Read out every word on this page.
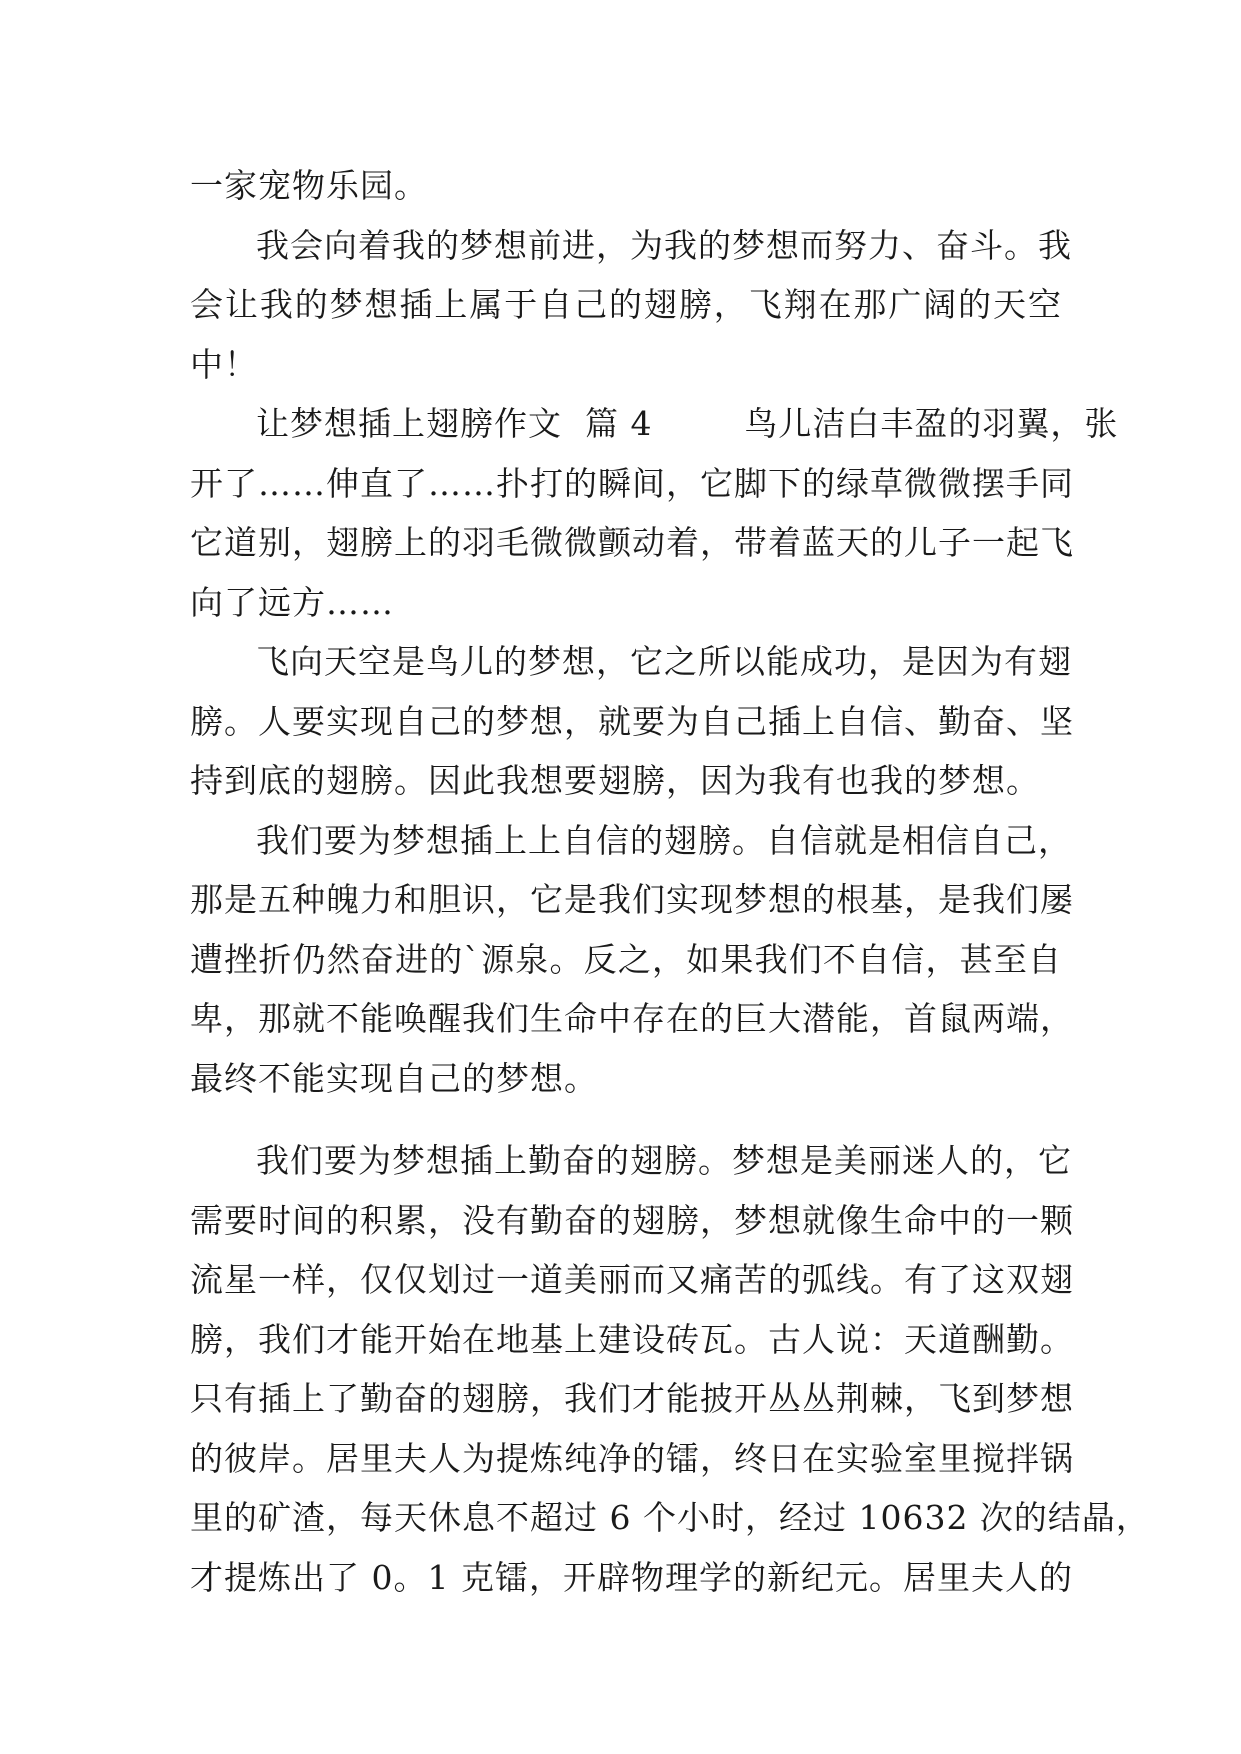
一家宠物乐园。
我会向着我的梦想前进，为我的梦想而努力、奋斗。我
会让我的梦想插上属于自己的翅膀，飞翔在那广阔的天空
中！
让梦想插上翅膀作文  篇 4        鸟儿洁白丰盈的羽翼，张
开了……伸直了……扑打的瞬间，它脚下的绿草微微摆手同
它道别，翅膀上的羽毛微微颤动着，带着蓝天的儿子一起飞
向了远方……
飞向天空是鸟儿的梦想，它之所以能成功，是因为有翅
膀。人要实现自己的梦想，就要为自己插上自信、勤奋、坚
持到底的翅膀。因此我想要翅膀，因为我有也我的梦想。
我们要为梦想插上上自信的翅膀。自信就是相信自己，
那是五种魄力和胆识，它是我们实现梦想的根基，是我们屡
遭挫折仍然奋进的`源泉。反之，如果我们不自信，甚至自
卑，那就不能唤醒我们生命中存在的巨大潜能，首鼠两端，
最终不能实现自己的梦想。
我们要为梦想插上勤奋的翅膀。梦想是美丽迷人的，它
需要时间的积累，没有勤奋的翅膀，梦想就像生命中的一颗
流星一样，仅仅划过一道美丽而又痛苦的弧线。有了这双翅
膀，我们才能开始在地基上建设砖瓦。古人说：天道酬勤。
只有插上了勤奋的翅膀，我们才能披开丛丛荆棘，飞到梦想
的彼岸。居里夫人为提炼纯净的镭，终日在实验室里搅拌锅
里的矿渣，每天休息不超过 6 个小时，经过 10632 次的结晶，
才提炼出了 0。1 克镭，开辟物理学的新纪元。居里夫人的
